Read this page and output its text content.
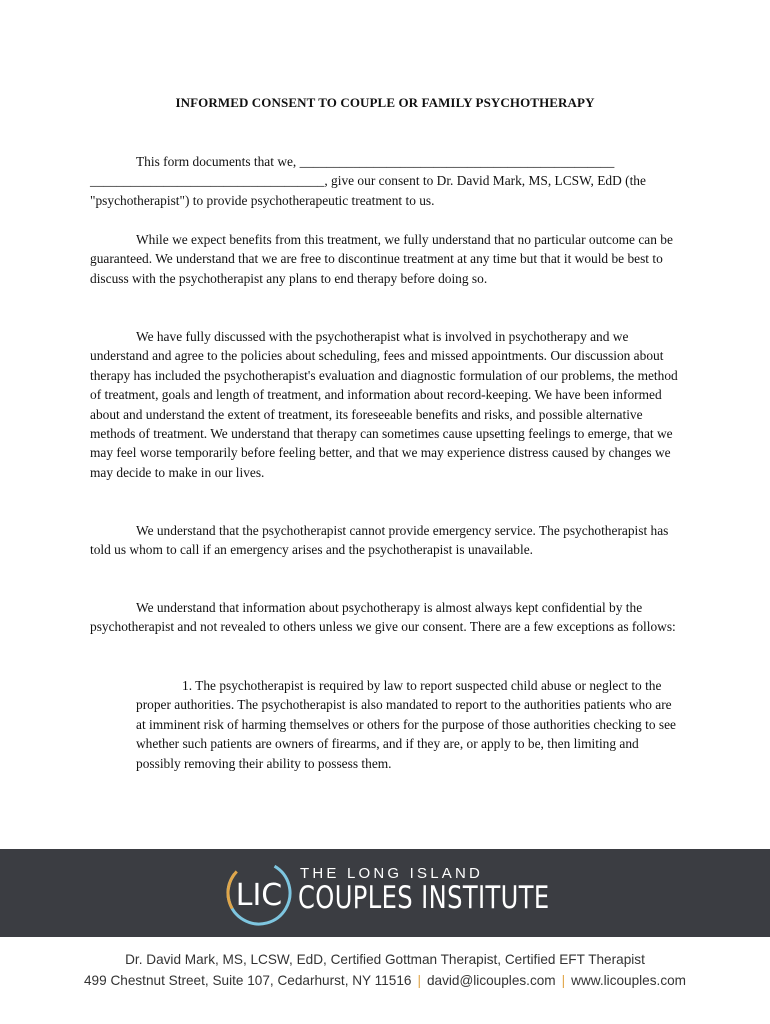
INFORMED CONSENT TO COUPLE OR FAMILY PSYCHOTHERAPY

This form documents that we, _______________________________________________ ___________________________________, give our consent to Dr. David Mark, MS, LCSW, EdD (the "psychotherapist") to provide psychotherapeutic treatment to us.

While we expect benefits from this treatment, we fully understand that no particular outcome can be guaranteed. We understand that we are free to discontinue treatment at any time but that it would be best to discuss with the psychotherapist any plans to end therapy before doing so.

We have fully discussed with the psychotherapist what is involved in psychotherapy and we understand and agree to the policies about scheduling, fees and missed appointments. Our discussion about therapy has included the psychotherapist's evaluation and diagnostic formulation of our problems, the method of treatment, goals and length of treatment, and information about record-keeping. We have been informed about and understand the extent of treatment, its foreseeable benefits and risks, and possible alternative methods of treatment. We understand that therapy can sometimes cause upsetting feelings to emerge, that we may feel worse temporarily before feeling better, and that we may experience distress caused by changes we may decide to make in our lives.

We understand that the psychotherapist cannot provide emergency service. The psychotherapist has told us whom to call if an emergency arises and the psychotherapist is unavailable.

We understand that information about psychotherapy is almost always kept confidential by the psychotherapist and not revealed to others unless we give our consent. There are a few exceptions as follows:

1. The psychotherapist is required by law to report suspected child abuse or neglect to the proper authorities. The psychotherapist is also mandated to report to the authorities patients who are at imminent risk of harming themselves or others for the purpose of those authorities checking to see whether such patients are owners of firearms, and if they are, or apply to be, then limiting and possibly removing their ability to possess them.

LIC
THE LONG ISLAND
COUPLES INSTITUTE
Dr. David Mark, MS, LCSW, EdD, Certified Gottman Therapist, Certified EFT Therapist
499 Chestnut Street, Suite 107, Cedarhurst, NY 11516 | david@licouples.com | www.licouples.com
